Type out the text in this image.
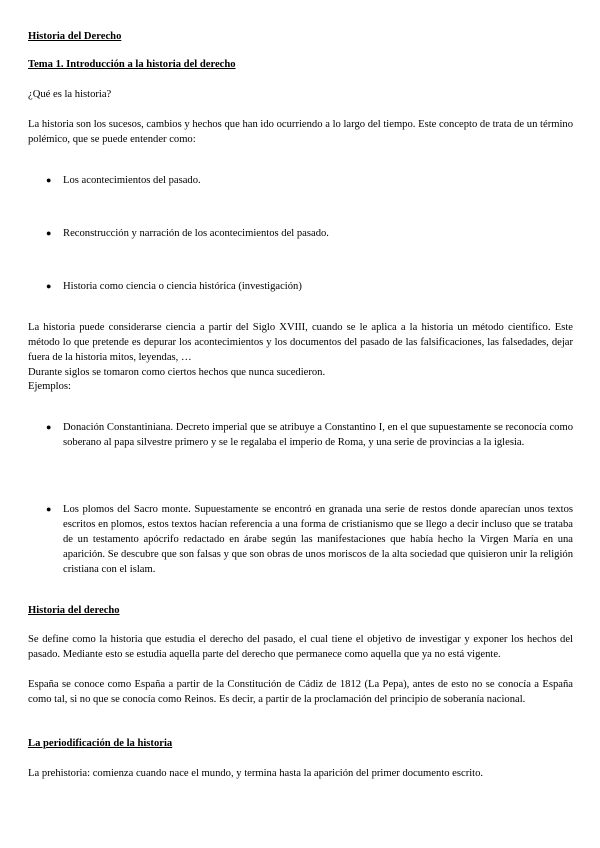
Historia del Derecho
Tema 1. Introducción a la historia del derecho
¿Qué es la historia?
La historia son los sucesos, cambios y hechos que han ido ocurriendo a lo largo del tiempo. Este concepto de trata de un término polémico, que se puede entender como:
● Los acontecimientos del pasado.
● Reconstrucción y narración de los acontecimientos del pasado.
● Historia como ciencia o ciencia histórica (investigación)
La historia puede considerarse ciencia a partir del Siglo XVIII, cuando se le aplica a la historia un método científico. Este método lo que pretende es depurar los acontecimientos y los documentos del pasado de las falsificaciones, las falsedades, dejar fuera de la historia mitos, leyendas, …
Durante siglos se tomaron como ciertos hechos que nunca sucedieron.
Ejemplos:
● Donación Constantiniana. Decreto imperial que se atribuye a Constantino I, en el que supuestamente se reconocía como soberano al papa silvestre primero y se le regalaba el imperio de Roma, y una serie de provincias a la iglesia.
● Los plomos del Sacro monte. Supuestamente se encontró en granada una serie de restos donde aparecían unos textos escritos en plomos, estos textos hacían referencia a una forma de cristianismo que se llego a decir incluso que se trataba de un testamento apócrifo redactado en árabe según las manifestaciones que había hecho la Virgen María en una aparición. Se descubre que son falsas y que son obras de unos moriscos de la alta sociedad que quisieron unir la religión cristiana con el islam.
Historia del derecho
Se define como la historia que estudia el derecho del pasado, el cual tiene el objetivo de investigar y exponer los hechos del pasado. Mediante esto se estudia aquella parte del derecho que permanece como aquella que ya no está vigente.
España se conoce como España a partir de la Constitución de Cádiz de 1812 (La Pepa), antes de esto no se conocía a España como tal, si no que se conocía como Reinos. Es decir, a partir de la proclamación del principio de soberanía nacional.
La periodificación de la historia
La prehistoria: comienza cuando nace el mundo, y termina hasta la aparición del primer documento escrito.
